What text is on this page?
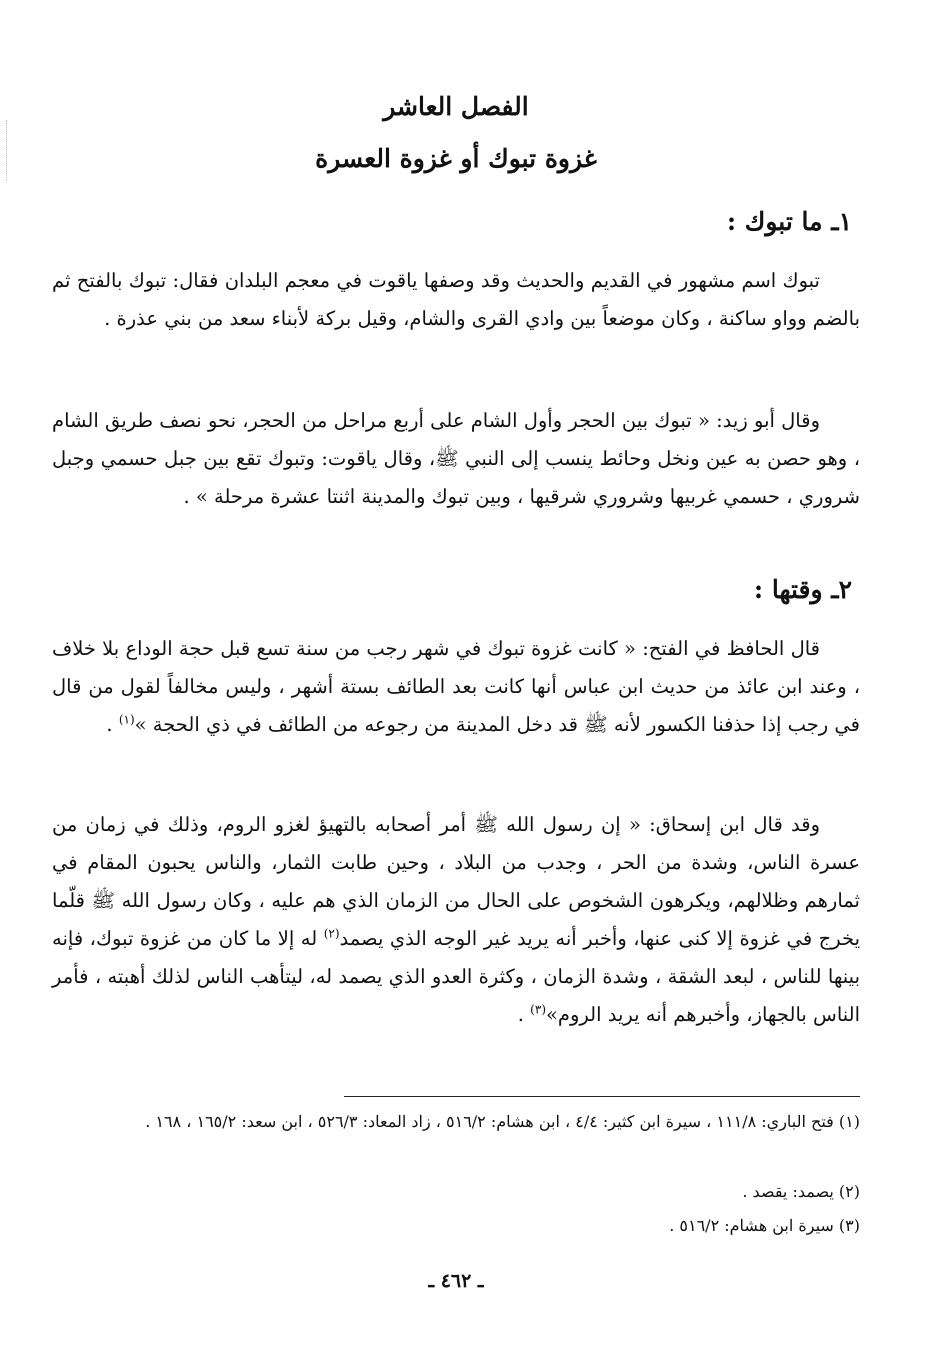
الفصل العاشر
غزوة تبوك أو غزوة العسرة
١ـ ما تبوك :

تبوك اسم مشهور في القديم والحديث وقد وصفها ياقوت في معجم البلدان فقال: تبوك بالفتح ثم بالضم وواو ساكنة ، وكان موضعاً بين وادي القرى والشام، وقيل بركة لأبناء سعد من بني عذرة .

وقال أبو زيد: « تبوك بين الحجر وأول الشام على أربع مراحل من الحجر، نحو نصف طريق الشام ، وهو حصن به عين ونخل وحائط ينسب إلى النبي ﷺ، وقال ياقوت: وتبوك تقع بين جبل حسمي وجبل شروري ، حسمي غربيها وشروري شرقيها ، وبين تبوك والمدينة اثنتا عشرة مرحلة » .

٢ـ وقتها :

قال الحافظ في الفتح: « كانت غزوة تبوك في شهر رجب من سنة تسع قبل حجة الوداع بلا خلاف ، وعند ابن عائذ من حديث ابن عباس أنها كانت بعد الطائف بستة أشهر ، وليس مخالفاً لقول من قال في رجب إذا حذفنا الكسور لأنه ﷺ قد دخل المدينة من رجوعه من الطائف في ذي الحجة »$^{(١)}$ .

وقد قال ابن إسحاق: « إن رسول الله ﷺ أمر أصحابه بالتهيؤ لغزو الروم، وذلك في زمان من عسرة الناس، وشدة من الحر ، وجدب من البلاد ، وحين طابت الثمار، والناس يحبون المقام في ثمارهم وظلالهم، ويكرهون الشخوص على الحال من الزمان الذي هم عليه ، وكان رسول الله ﷺ قلّما يخرج في غزوة إلا كنى عنها، وأخبر أنه يريد غير الوجه الذي يصمد$^{(٢)}$ له إلا ما كان من غزوة تبوك، فإنه بينها للناس ، لبعد الشقة ، وشدة الزمان ، وكثرة العدو الذي يصمد له، ليتأهب الناس لذلك أهبته ، فأمر الناس بالجهاز، وأخبرهم أنه يريد الروم»$^{(٣)}$ .

(١) فتح الباري: ١١١/٨ ، سيرة ابن كثير: ٤/٤ ، ابن هشام: ٥١٦/٢ ، زاد المعاد: ٥٢٦/٣ ، ابن سعد: ١٦٥/٢ ، ١٦٨ .

(٢) يصمد: يقصد .

(٣) سيرة ابن هشام: ٥١٦/٢ .

ـ ٤٦٢ ـ
